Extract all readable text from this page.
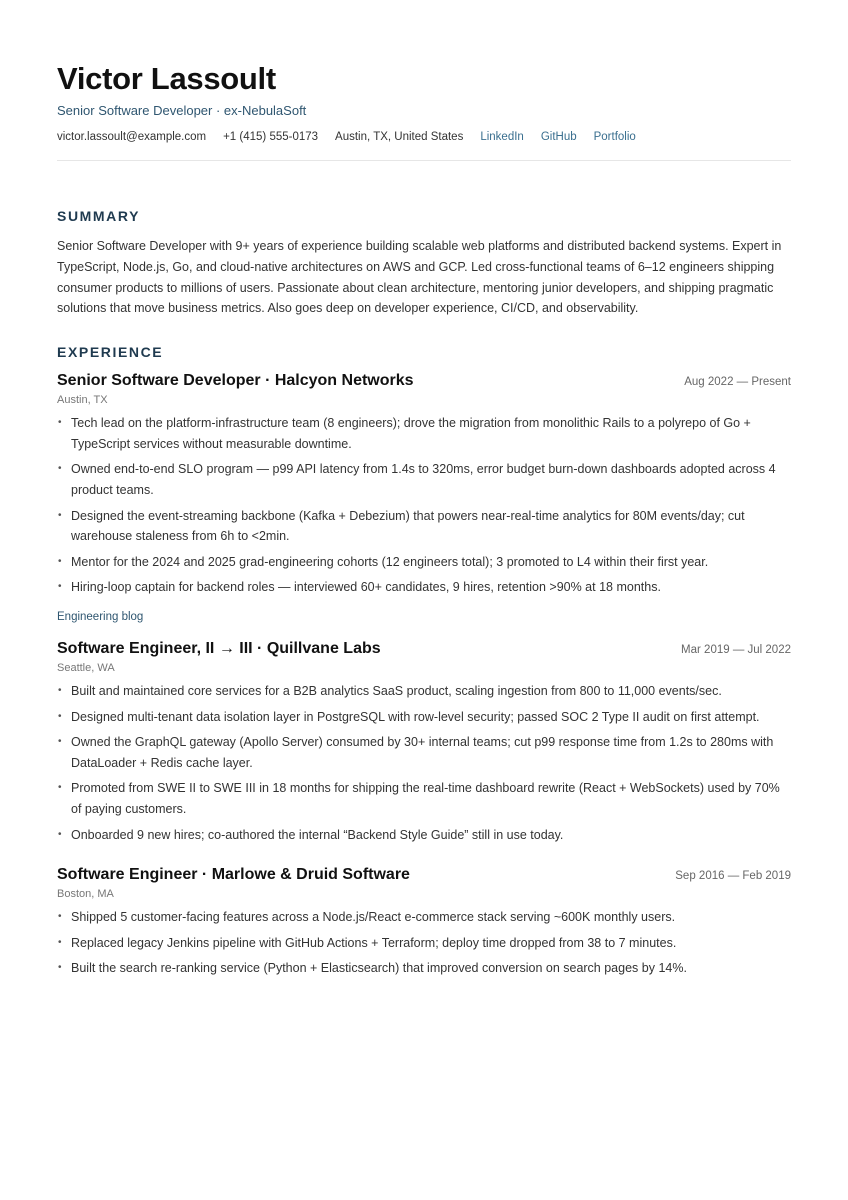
Victor Lassoult
Senior Software Developer · ex-NebulaSoft
victor.lassoult@example.com +1 (415) 555-0173 Austin, TX, United States LinkedIn GitHub Portfolio
SUMMARY

Senior Software Developer with 9+ years of experience building scalable web platforms and distributed backend systems. Expert in TypeScript, Node.js, Go, and cloud-native architectures on AWS and GCP. Led cross-functional teams of 6–12 engineers shipping consumer products to millions of users. Passionate about clean architecture, mentoring junior developers, and shipping pragmatic solutions that move business metrics. Also goes deep on developer experience, CI/CD, and observability.

EXPERIENCE
Senior Software Developer · Halcyon Networks	Aug 2022 — Present
Austin, TX
• Tech lead on the platform-infrastructure team (8 engineers); drove the migration from monolithic Rails to a polyrepo of Go + TypeScript services without measurable downtime.
• Owned end-to-end SLO program — p99 API latency from 1.4s to 320ms, error budget burn-down dashboards adopted across 4 product teams.
• Designed the event-streaming backbone (Kafka + Debezium) that powers near-real-time analytics for 80M events/day; cut warehouse staleness from 6h to <2min.
• Mentor for the 2024 and 2025 grad-engineering cohorts (12 engineers total); 3 promoted to L4 within their first year.
• Hiring-loop captain for backend roles — interviewed 60+ candidates, 9 hires, retention >90% at 18 months.
Engineering blog
Software Engineer, II → III · Quillvane Labs	Mar 2019 — Jul 2022
Seattle, WA
• Built and maintained core services for a B2B analytics SaaS product, scaling ingestion from 800 to 11,000 events/sec.
• Designed multi-tenant data isolation layer in PostgreSQL with row-level security; passed SOC 2 Type II audit on first attempt.
• Owned the GraphQL gateway (Apollo Server) consumed by 30+ internal teams; cut p99 response time from 1.2s to 280ms with DataLoader + Redis cache layer.
• Promoted from SWE II to SWE III in 18 months for shipping the real-time dashboard rewrite (React + WebSockets) used by 70% of paying customers.
• Onboarded 9 new hires; co-authored the internal “Backend Style Guide” still in use today.
Software Engineer · Marlowe & Druid Software	Sep 2016 — Feb 2019
Boston, MA
• Shipped 5 customer-facing features across a Node.js/React e-commerce stack serving ~600K monthly users.
• Replaced legacy Jenkins pipeline with GitHub Actions + Terraform; deploy time dropped from 38 to 7 minutes.
• Built the search re-ranking service (Python + Elasticsearch) that improved conversion on search pages by 14%.
